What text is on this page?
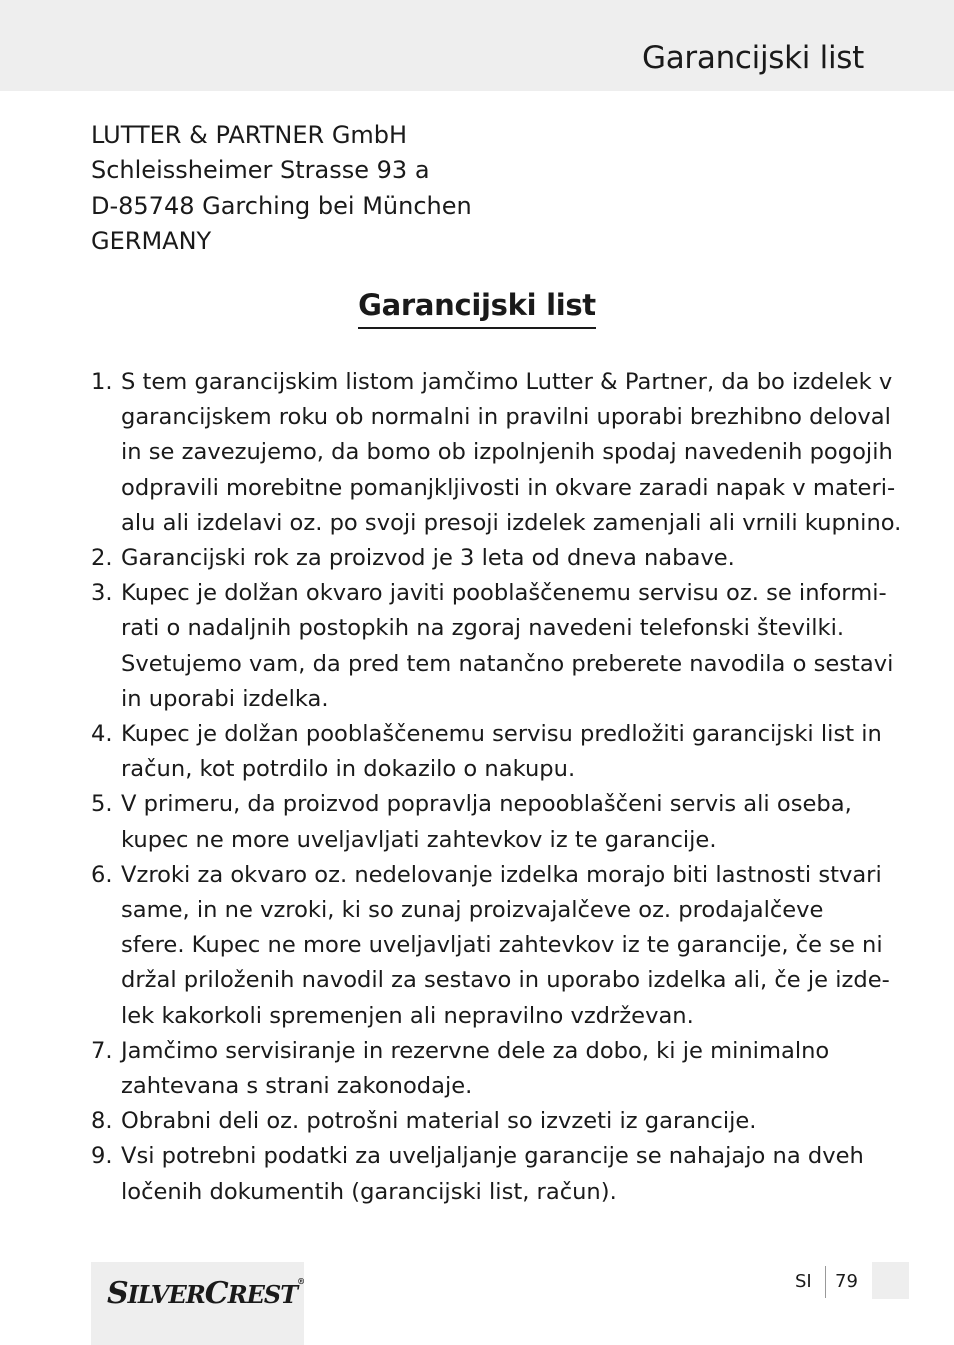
Garancijski list
LUTTER & PARTNER GmbH
Schleissheimer Strasse 93 a
D-85748 Garching bei München
GERMANY
Garancijski list
1. S tem garancijskim listom jamčimo Lutter & Partner, da bo izdelek v
garancijskem roku ob normalni in pravilni uporabi brezhibno deloval
in se zavezujemo, da bomo ob izpolnjenih spodaj navedenih pogojih
odpravili morebitne pomanjkljivosti in okvare zaradi napak v materi-
alu ali izdelavi oz. po svoji presoji izdelek zamenjali ali vrnili kupnino.
2. Garancijski rok za proizvod je 3 leta od dneva nabave.
3. Kupec je dolžan okvaro javiti pooblaščenemu servisu oz. se informi-
rati o nadaljnih postopkih na zgoraj navedeni telefonski številki.
Svetujemo vam, da pred tem natančno preberete navodila o sestavi
in uporabi izdelka.
4. Kupec je dolžan pooblaščenemu servisu predložiti garancijski list in
račun, kot potrdilo in dokazilo o nakupu.
5. V primeru, da proizvod popravlja nepooblaščeni servis ali oseba,
kupec ne more uveljavljati zahtevkov iz te garancije.
6. Vzroki za okvaro oz. nedelovanje izdelka morajo biti lastnosti stvari
same, in ne vzroki, ki so zunaj proizvajalčeve oz. prodajalčeve
sfere. Kupec ne more uveljavljati zahtevkov iz te garancije, če se ni
držal priloženih navodil za sestavo in uporabo izdelka ali, če je izde-
lek kakorkoli spremenjen ali nepravilno vzdrževan.
7. Jamčimo servisiranje in rezervne dele za dobo, ki je minimalno
zahtevana s strani zakonodaje.
8. Obrabni deli oz. potrošni material so izvzeti iz garancije.
9. Vsi potrebni podatki za uveljaljanje garancije se nahajajo na dveh
ločenih dokumentih (garancijski list, račun).
SILVERCREST®	SI 79
